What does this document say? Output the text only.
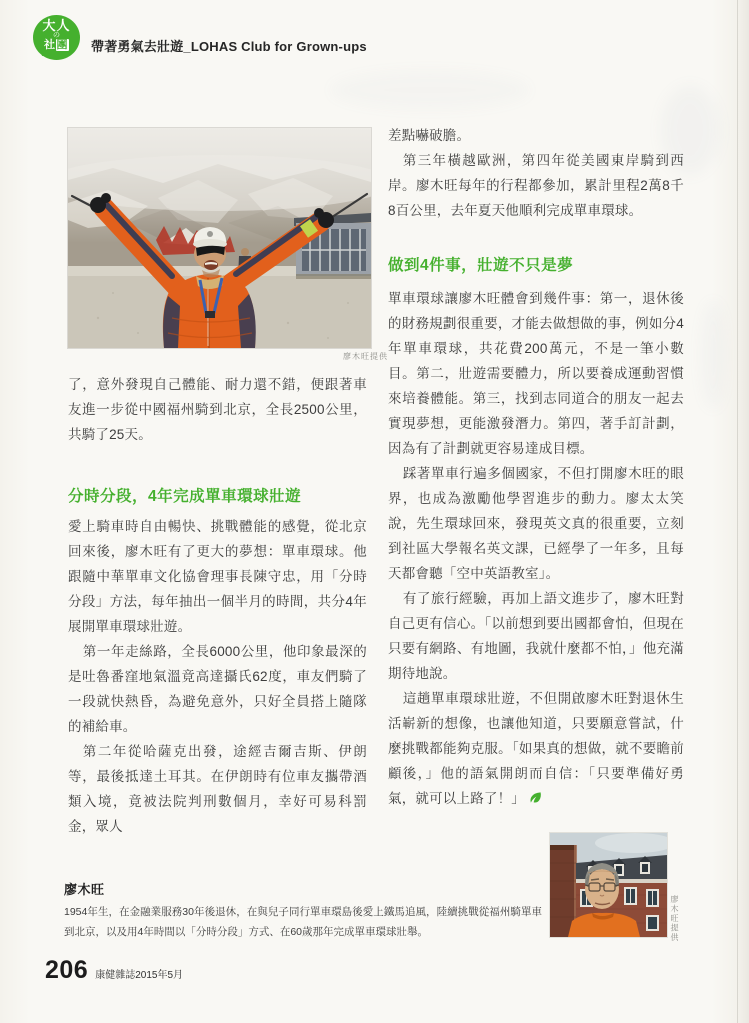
大人
の
社團	帶著勇氣去壯遊_LOHAS Club for Grown-ups
廖木旺提供

了，意外發現自己體能、耐力還不錯，便跟著車友進一步從中國福州騎到北京，全長2500公里，共騎了25天。

分時分段，4年完成單車環球壯遊

愛上騎車時自由暢快、挑戰體能的感覺，從北京回來後，廖木旺有了更大的夢想：單車環球。他跟隨中華單車文化協會理事長陳守忠，用「分時分段」方法，每年抽出一個半月的時間，共分4年展開單車環球壯遊。

第一年走絲路，全長6000公里，他印象最深的是吐魯番窪地氣溫竟高達攝氏62度，車友們騎了一段就快熱昏，為避免意外，只好全員搭上隨隊的補給車。

第二年從哈薩克出發，途經吉爾吉斯、伊朗等，最後抵達土耳其。在伊朗時有位車友攜帶酒類入境，竟被法院判刑數個月，幸好可易科罰金，眾人

差點嚇破膽。

第三年橫越歐洲，第四年從美國東岸騎到西岸。廖木旺每年的行程都參加，累計里程2萬8千8百公里，去年夏天他順利完成單車環球。

做到4件事，壯遊不只是夢

單車環球讓廖木旺體會到幾件事：第一，退休後的財務規劃很重要，才能去做想做的事，例如分4年單車環球，共花費200萬元，不是一筆小數目。第二，壯遊需要體力，所以要養成運動習慣來培養體能。第三，找到志同道合的朋友一起去實現夢想，更能激發潛力。第四，著手訂計劃，因為有了計劃就更容易達成目標。

踩著單車行遍多個國家，不但打開廖木旺的眼界，也成為激勵他學習進步的動力。廖太太笑說，先生環球回來，發現英文真的很重要，立刻到社區大學報名英文課，已經學了一年多，且每天都會聽「空中英語教室」。

有了旅行經驗，再加上語文進步了，廖木旺對自己更有信心。「以前想到要出國都會怕，但現在只要有網路、有地圖，我就什麼都不怕，」他充滿期待地說。

這趟單車環球壯遊，不但開啟廖木旺對退休生活嶄新的想像，也讓他知道，只要願意嘗試，什麼挑戰都能夠克服。「如果真的想做，就不要瞻前顧後，」他的語氣開朗而自信：「只要準備好勇氣，就可以上路了！」

廖木旺提供
廖木旺

1954年生，在金融業服務30年後退休，在與兒子同行單車環島後愛上鐵馬追風，陸續挑戰從福州騎單車到北京，以及用4年時間以「分時分段」方式、在60歲那年完成單車環球壯舉。

206 康健雜誌2015年5月
